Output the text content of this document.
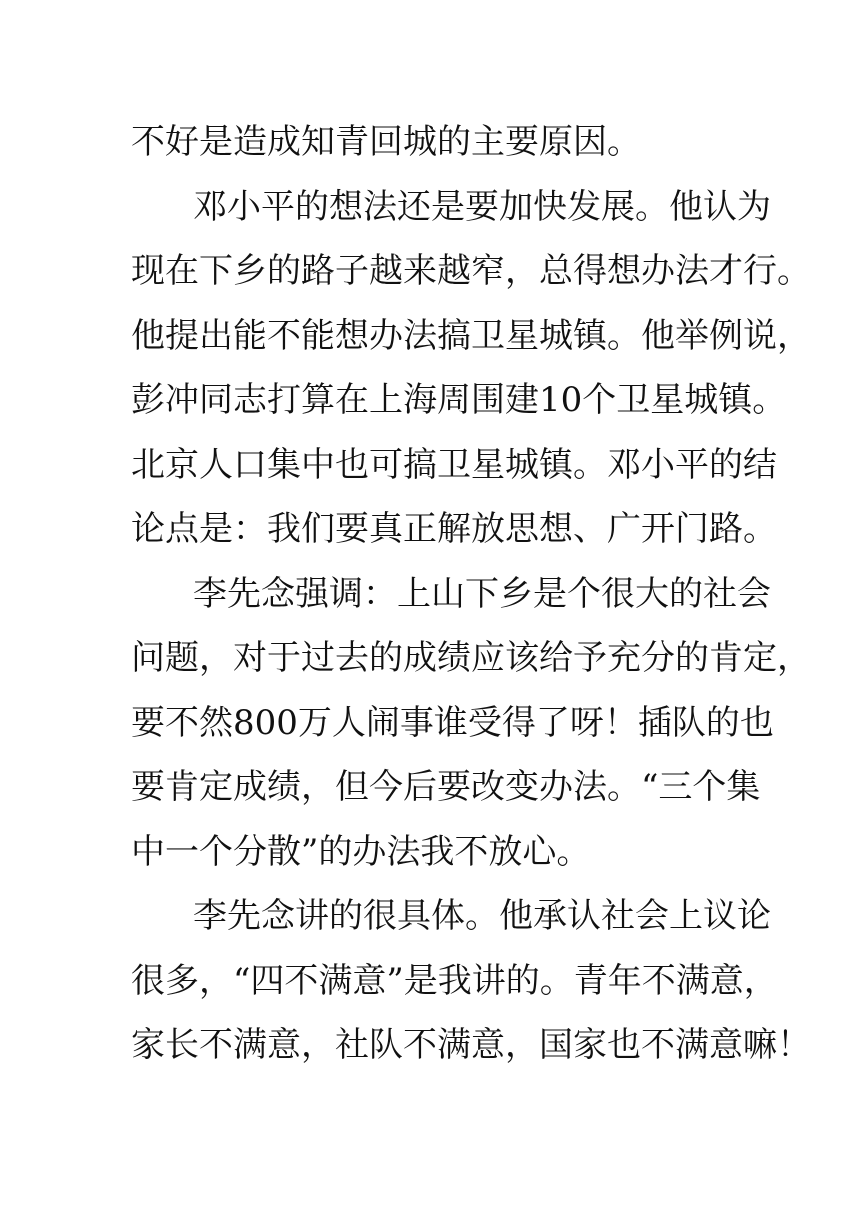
不好是造成知青回城的主要原因。
邓小平的想法还是要加快发展。他认为
现在下乡的路子越来越窄，总得想办法才行。
他提出能不能想办法搞卫星城镇。他举例说，
彭冲同志打算在上海周围建10个卫星城镇。
北京人口集中也可搞卫星城镇。邓小平的结
论点是：我们要真正解放思想、广开门路。
李先念强调：上山下乡是个很大的社会
问题，对于过去的成绩应该给予充分的肯定，
要不然800万人闹事谁受得了呀！插队的也
要肯定成绩，但今后要改变办法。“三个集
中一个分散”的办法我不放心。
李先念讲的很具体。他承认社会上议论
很多，“四不满意”是我讲的。青年不满意，
家长不满意，社队不满意，国家也不满意嘛！
